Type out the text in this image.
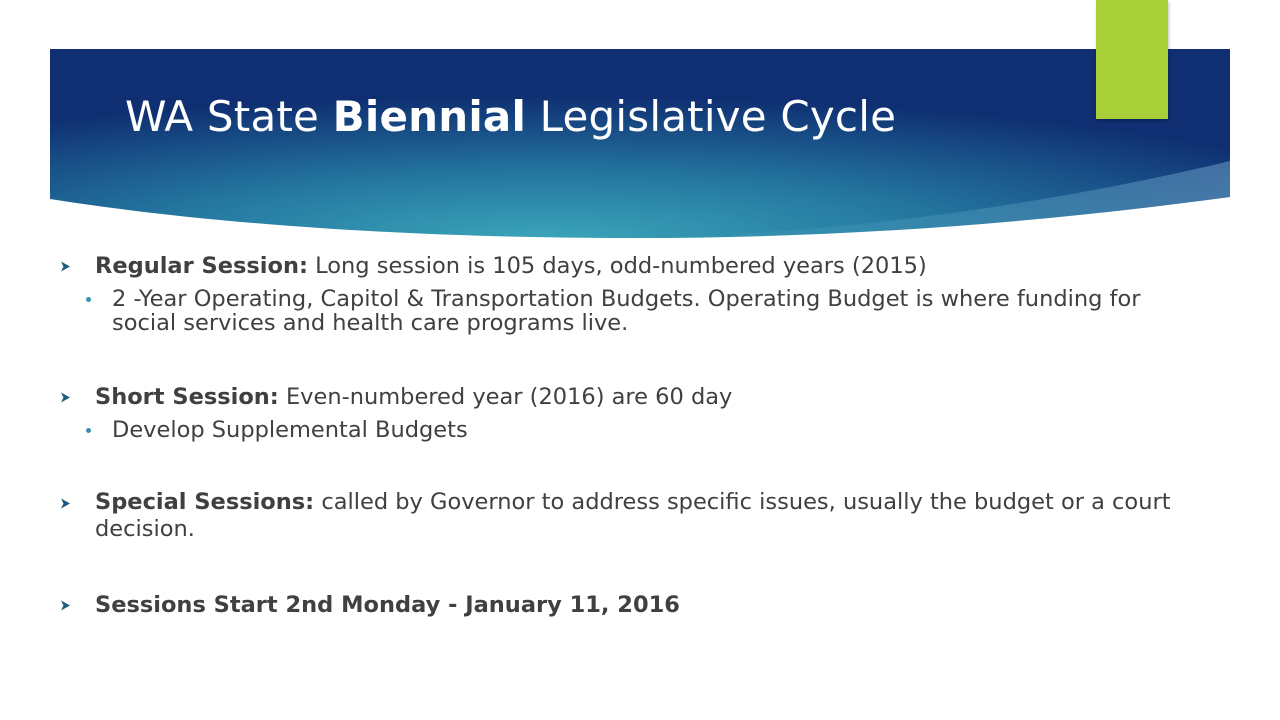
WA State Biennial Legislative Cycle
Regular Session: Long session is 105 days, odd-numbered years (2015)
2 -Year Operating, Capitol & Transportation Budgets. Operating Budget is where funding for social services and health care programs live.
Short Session: Even-numbered year (2016) are 60 day
Develop Supplemental Budgets
Special Sessions: called by Governor to address specific issues, usually the budget or a court decision.
Sessions Start 2nd Monday - January 11, 2016
